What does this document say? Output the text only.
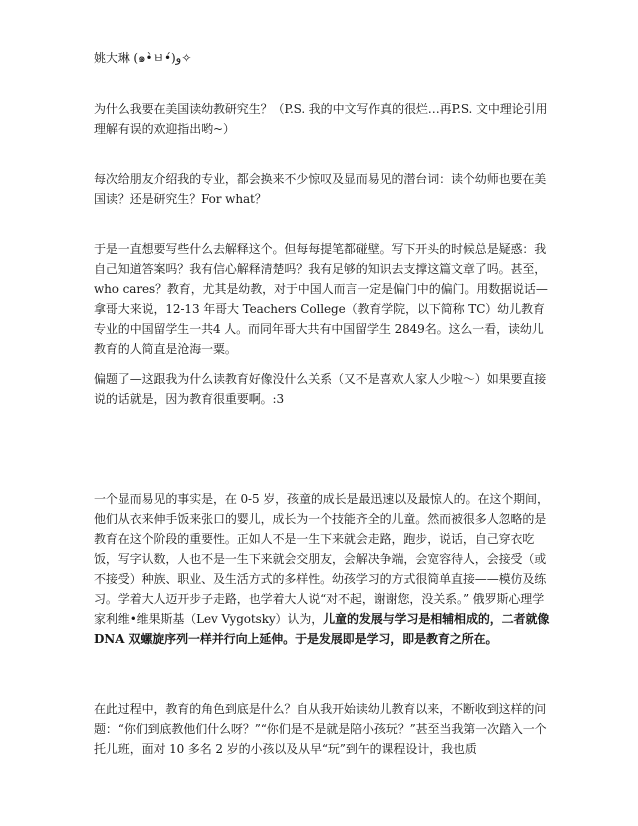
姚大琳 (๑•̀ㅂ•́)و✧

为什么我要在美国读幼教研究生？（P.S. 我的中文写作真的很烂…再P.S. 文中理论引用理解有误的欢迎指出哟~）

每次给朋友介绍我的专业，都会换来不少惊叹及显而易见的潜台词：读个幼师也要在美国读？还是研究生？For what？

于是一直想要写些什么去解释这个。但每每提笔都碰壁。写下开头的时候总是疑惑：我自己知道答案吗？我有信心解释清楚吗？我有足够的知识去支撑这篇文章了吗。甚至，who cares？教育，尤其是幼教，对于中国人而言一定是偏门中的偏门。用数据说话—拿哥大来说，12-13 年哥大 Teachers College（教育学院，以下简称 TC）幼儿教育专业的中国留学生一共4 人。而同年哥大共有中国留学生 2849名。这么一看，读幼儿教育的人简直是沧海一粟。

偏题了—这跟我为什么读教育好像没什么关系（又不是喜欢人家人少啦～）如果要直接说的话就是，因为教育很重要啊。:3

一个显而易见的事实是，在 0-5 岁，孩童的成长是最迅速以及最惊人的。在这个期间，他们从衣来伸手饭来张口的婴儿，成长为一个技能齐全的儿童。然而被很多人忽略的是教育在这个阶段的重要性。正如人不是一生下来就会走路，跑步，说话，自己穿衣吃饭，写字认数，人也不是一生下来就会交朋友，会解决争端，会宽容待人，会接受（或不接受）种族、职业、及生活方式的多样性。幼孩学习的方式很简单直接——模仿及练习。学着大人迈开步子走路，也学着大人说“对不起，谢谢您，没关系。” 俄罗斯心理学家利维•维果斯基（Lev Vygotsky）认为，儿童的发展与学习是相辅相成的，二者就像 DNA 双螺旋序列一样并行向上延伸。于是发展即是学习，即是教育之所在。

在此过程中，教育的角色到底是什么？自从我开始读幼儿教育以来，不断收到这样的问题：“你们到底教他们什么呀？”“你们是不是就是陪小孩玩？”甚至当我第一次踏入一个托儿班，面对 10 多名 2 岁的小孩以及从早“玩”到午的课程设计，我也质
